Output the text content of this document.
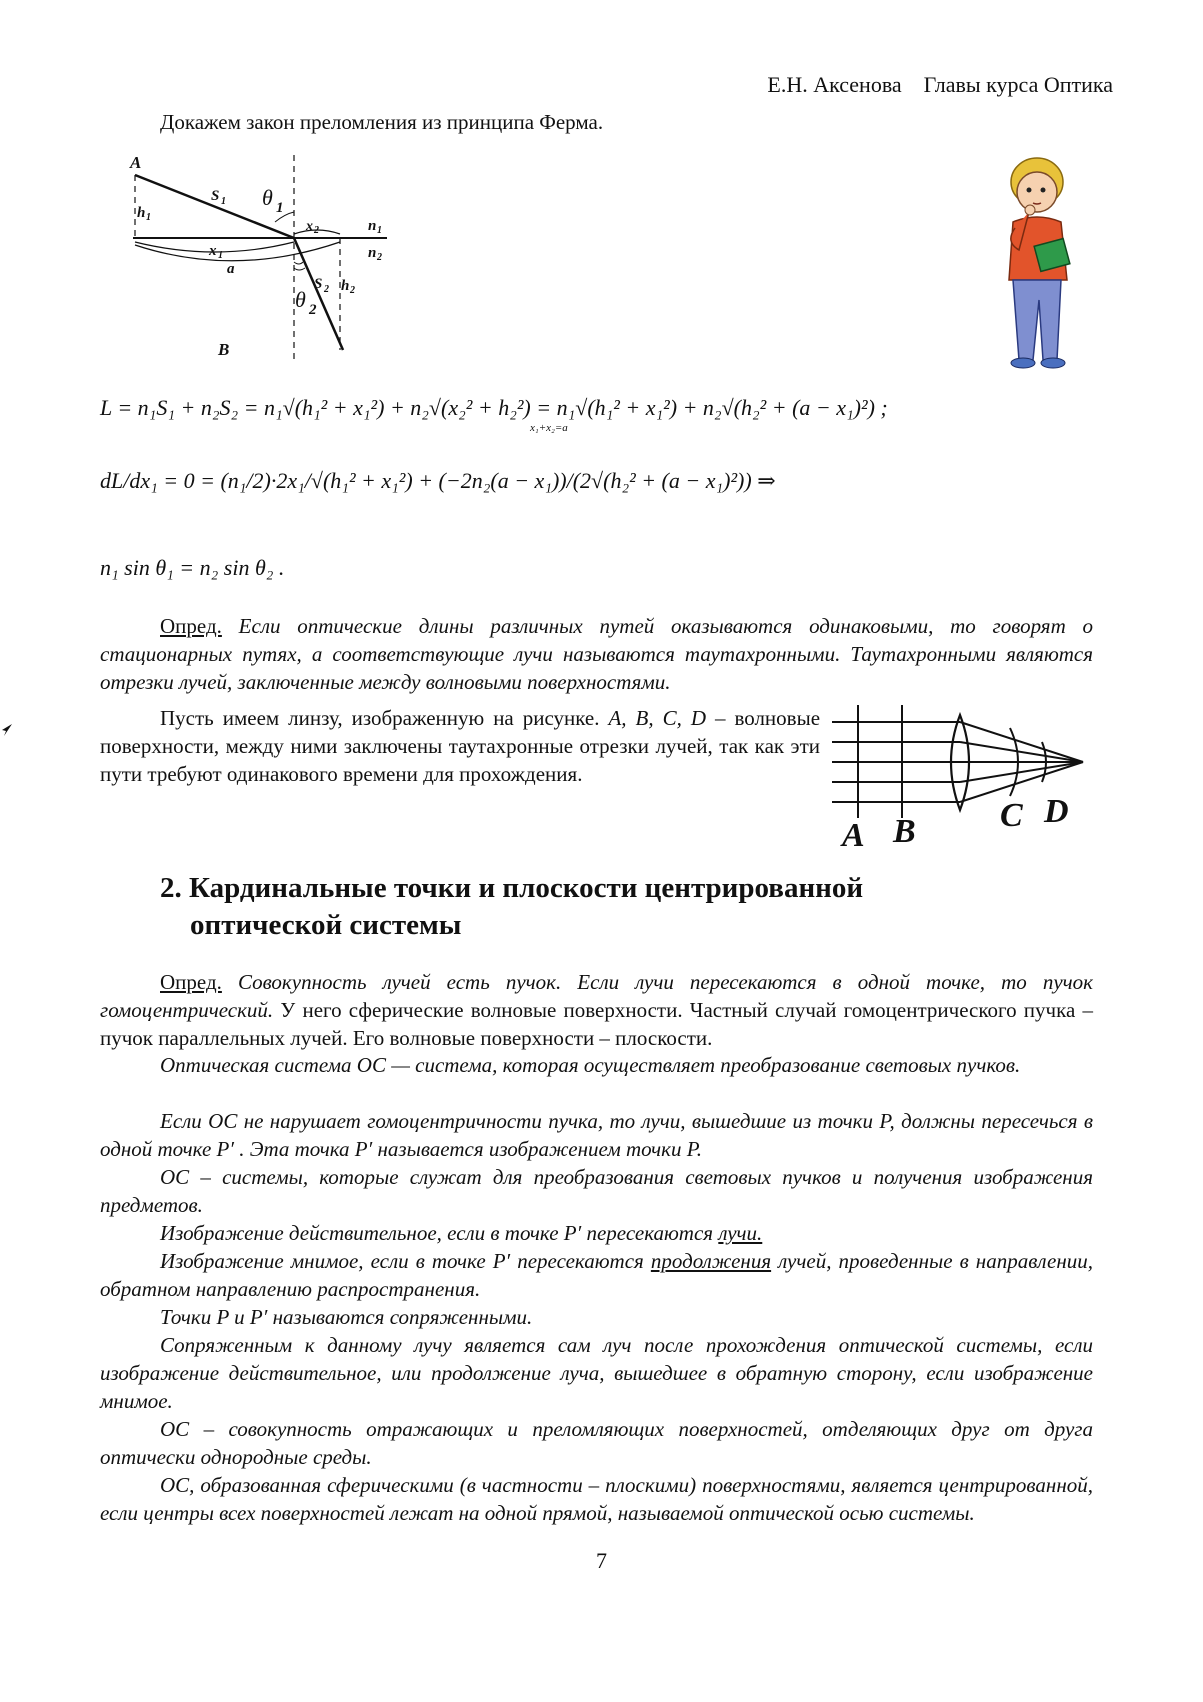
Е.Н. Аксенова    Главы курса Оптика
Докажем закон преломления из принципа Ферма.
A
B
S 1 θ 1
h 1
x 2	n 1
n 2
x 1
a
S 2
θ 2
h 2
L = n₁S₁ + n₂S₂ = n₁√(h₁² + x₁²) + n₂√(x₂² + h₂²) = n₁√(h₁² + x₁²) + n₂√(h₂² + (a − x₁)²) ;
x₁+x₂=a
dL/dx₁ = 0 = (n₁/2)·2x₁/√(h₁² + x₁²) + (−2n₂(a − x₁))/(2√(h₂² + (a − x₁)²)) ⇒
n₁ sin θ₁ = n₂ sin θ₂ .
Опред. Если оптические длины различных путей оказываются одинаковыми, то говорят о стационарных путях, а соответствующие лучи называются таутахронными. Таутахронными являются отрезки лучей, заключенные между волновыми поверхностями.
Пусть имеем линзу, изображенную на рисунке. A, B, C, D – волновые поверхности, между ними заключены таутахронные отрезки лучей, так как эти пути требуют одинакового времени для прохождения.
A B C D
2. Кардинальные точки и плоскости центрированной
оптической системы
Опред. Совокупность лучей есть пучок. Если лучи пересекаются в одной точке, то пучок гомоцентрический. У него сферические волновые поверхности. Частный случай гомоцентрического пучка – пучок параллельных лучей. Его волновые поверхности – плоскости.
Оптическая система ОС — система, которая осуществляет преобразование световых пучков.
Если ОС не нарушает гомоцентричности пучка, то лучи, вышедшие из точки P, должны пересечься в одной точке P′ . Эта точка P′ называется изображением точки P.
ОС – системы, которые служат для преобразования световых пучков и получения изображения предметов.
Изображение действительное, если в точке P′ пересекаются лучи.
Изображение мнимое, если в точке P′ пересекаются продолжения лучей, проведенные в направлении, обратном направлению распространения.
Точки P и P′ называются сопряженными.
Сопряженным к данному лучу является сам луч после прохождения оптической системы, если изображение действительное, или продолжение луча, вышедшее в обратную сторону, если изображение мнимое.
ОС – совокупность отражающих и преломляющих поверхностей, отделяющих друг от друга оптически однородные среды.
ОС, образованная сферическими (в частности – плоскими) поверхностями, является центрированной, если центры всех поверхностей лежат на одной прямой, называемой оптической осью системы.
7
